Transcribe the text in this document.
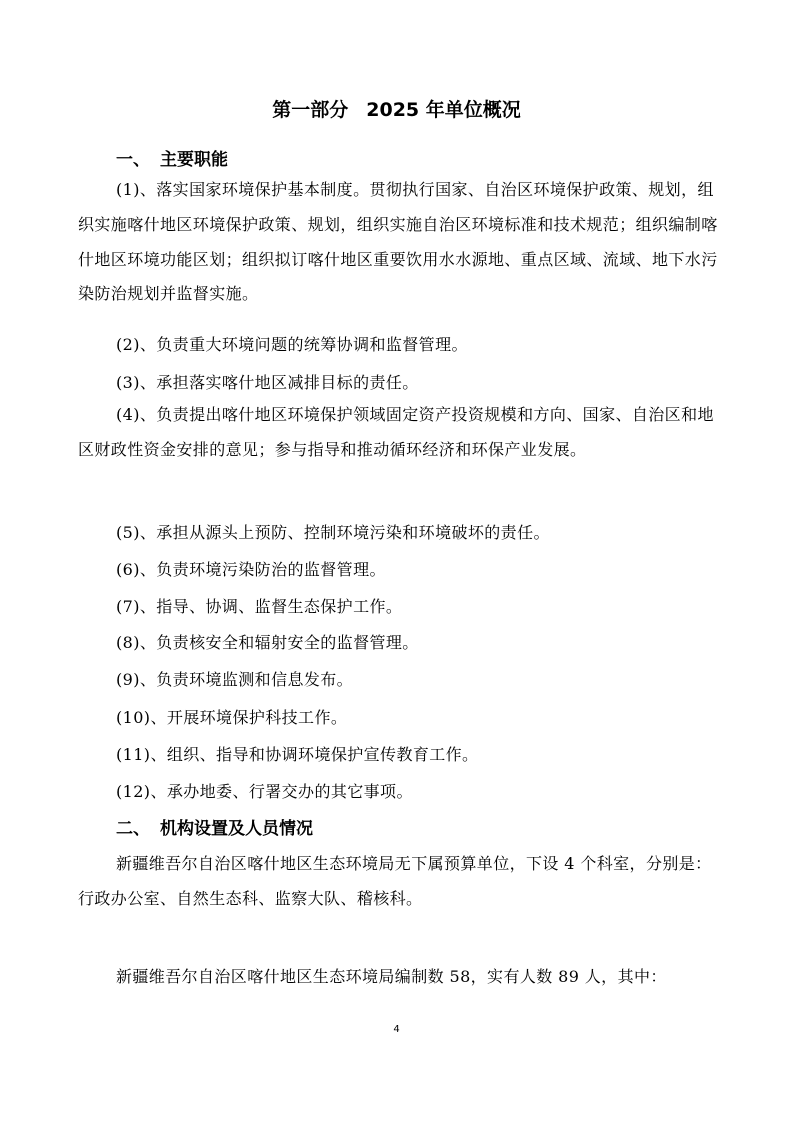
第一部分 2025 年单位概况
一、 主要职能
(1)、落实国家环境保护基本制度。贯彻执行国家、自治区环境保护政策、规划，组织实施喀什地区环境保护政策、规划，组织实施自治区环境标准和技术规范；组织编制喀什地区环境功能区划；组织拟订喀什地区重要饮用水水源地、重点区域、流域、地下水污染防治规划并监督实施。
(2)、负责重大环境问题的统筹协调和监督管理。
(3)、承担落实喀什地区减排目标的责任。
(4)、负责提出喀什地区环境保护领域固定资产投资规模和方向、国家、自治区和地区财政性资金安排的意见；参与指导和推动循环经济和环保产业发展。
(5)、承担从源头上预防、控制环境污染和环境破坏的责任。
(6)、负责环境污染防治的监督管理。
(7)、指导、协调、监督生态保护工作。
(8)、负责核安全和辐射安全的监督管理。
(9)、负责环境监测和信息发布。
(10)、开展环境保护科技工作。
(11)、组织、指导和协调环境保护宣传教育工作。
(12)、承办地委、行署交办的其它事项。
二、 机构设置及人员情况
新疆维吾尔自治区喀什地区生态环境局无下属预算单位，下设 4 个科室，分别是：行政办公室、自然生态科、监察大队、稽核科。
新疆维吾尔自治区喀什地区生态环境局编制数 58，实有人数 89 人，其中：
4
